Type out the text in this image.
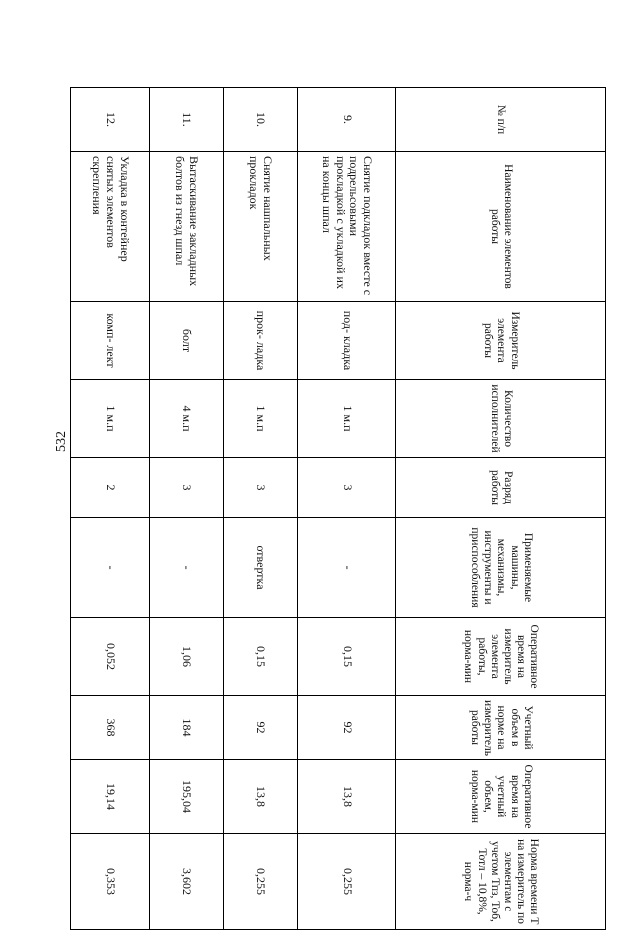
532
№ п/п	Наименование элементов работы	Измеритель элемента работы	Количество исполнителей	Разряд работы	Применяемые машины, механизмы, инструменты и приспособления	Оперативное время на измеритель элемента работы, норма-мин	Учетный объем в норме на измеритель работы	Оперативное время на учетный объем, норма-мин	Норма времени Т на измеритель по элементам с учетом Тпз, Тоб, Тотл – 10,8%, норма-ч
9.	Снятие подкладок вместе с подрельсовыми прокладкой с укладкой их на концы шпал	под- кладка	1 м.п	3	-	0,15	92	13,8	0,255
10.	Снятие нашпальных прокладок	прок- ладка	1 м.п	3	отвертка	0,15	92	13,8	0,255
11.	Вытаскивание закладных болтов из гнезд шпал	болт	4 м.п	3	-	1,06	184	195,04	3,602
12.	Укладка в контейнер снятых элементов скрепления	комп- лект	1 м.п	2	-	0,052	368	19,14	0,353
